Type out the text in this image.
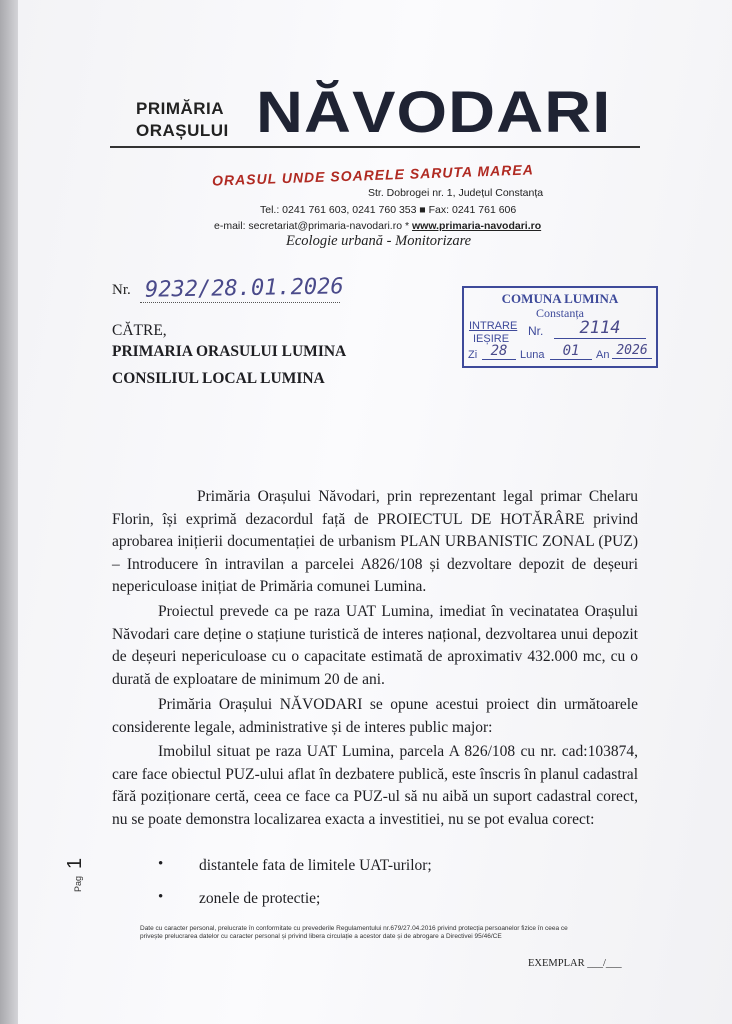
PRIMĂRIA
ORAȘULUI NĂVODARI
ORASUL UNDE SOARELE SARUTA MAREA
Str. Dobrogei nr. 1, Județul Constanța
Tel.: 0241 761 603, 0241 760 353 ■ Fax: 0241 761 606
e-mail: secretariat@primaria-navodari.ro * www.primaria-navodari.ro
Ecologie urbană - Monitorizare
Nr. 9232/28.01.2026	COMUNA LUMINA
Constanța
INTRARE
IEȘIRE
Nr.	2114
Zi 28	Luna	01	An 2026
CĂTRE,
PRIMARIA ORASULUI LUMINA
CONSILIUL LOCAL LUMINA
Primăria Orașului Năvodari, prin reprezentant legal primar Chelaru Florin, își exprimă dezacordul față de PROIECTUL DE HOTĂRÂRE privind aprobarea inițierii documentației de urbanism PLAN URBANISTIC ZONAL (PUZ) – Introducere în intravilan a parcelei A826/108 și dezvoltare depozit de deșeuri nepericuloase inițiat de Primăria comunei Lumina.
Proiectul prevede ca pe raza UAT Lumina, imediat în vecinatatea Orașului Năvodari care deține o stațiune turistică de interes național, dezvoltarea unui depozit de deșeuri nepericuloase cu o capacitate estimată de aproximativ 432.000 mc, cu o durată de exploatare de minimum 20 de ani.
Primăria Orașului NĂVODARI se opune acestui proiect din următoarele considerente legale, administrative și de interes public major:
Imobilul situat pe raza UAT Lumina, parcela A 826/108 cu nr. cad:103874, care face obiectul PUZ-ului aflat în dezbatere publică, este înscris în planul cadastral fără poziționare certă, ceea ce face ca PUZ-ul să nu aibă un suport cadastral corect, nu se poate demonstra localizarea exacta a investitiei, nu se pot evalua corect:
• distantele fata de limitele UAT-urilor;
• zonele de protectie;
Pag 1
Date cu caracter personal, prelucrate în conformitate cu prevederile Regulamentului nr.679/27.04.2016 privind protecția persoanelor fizice în ceea ce privește prelucrarea datelor cu caracter personal și privind libera circulație a acestor date și de abrogare a Directivei 95/46/CE
EXEMPLAR ___/___
